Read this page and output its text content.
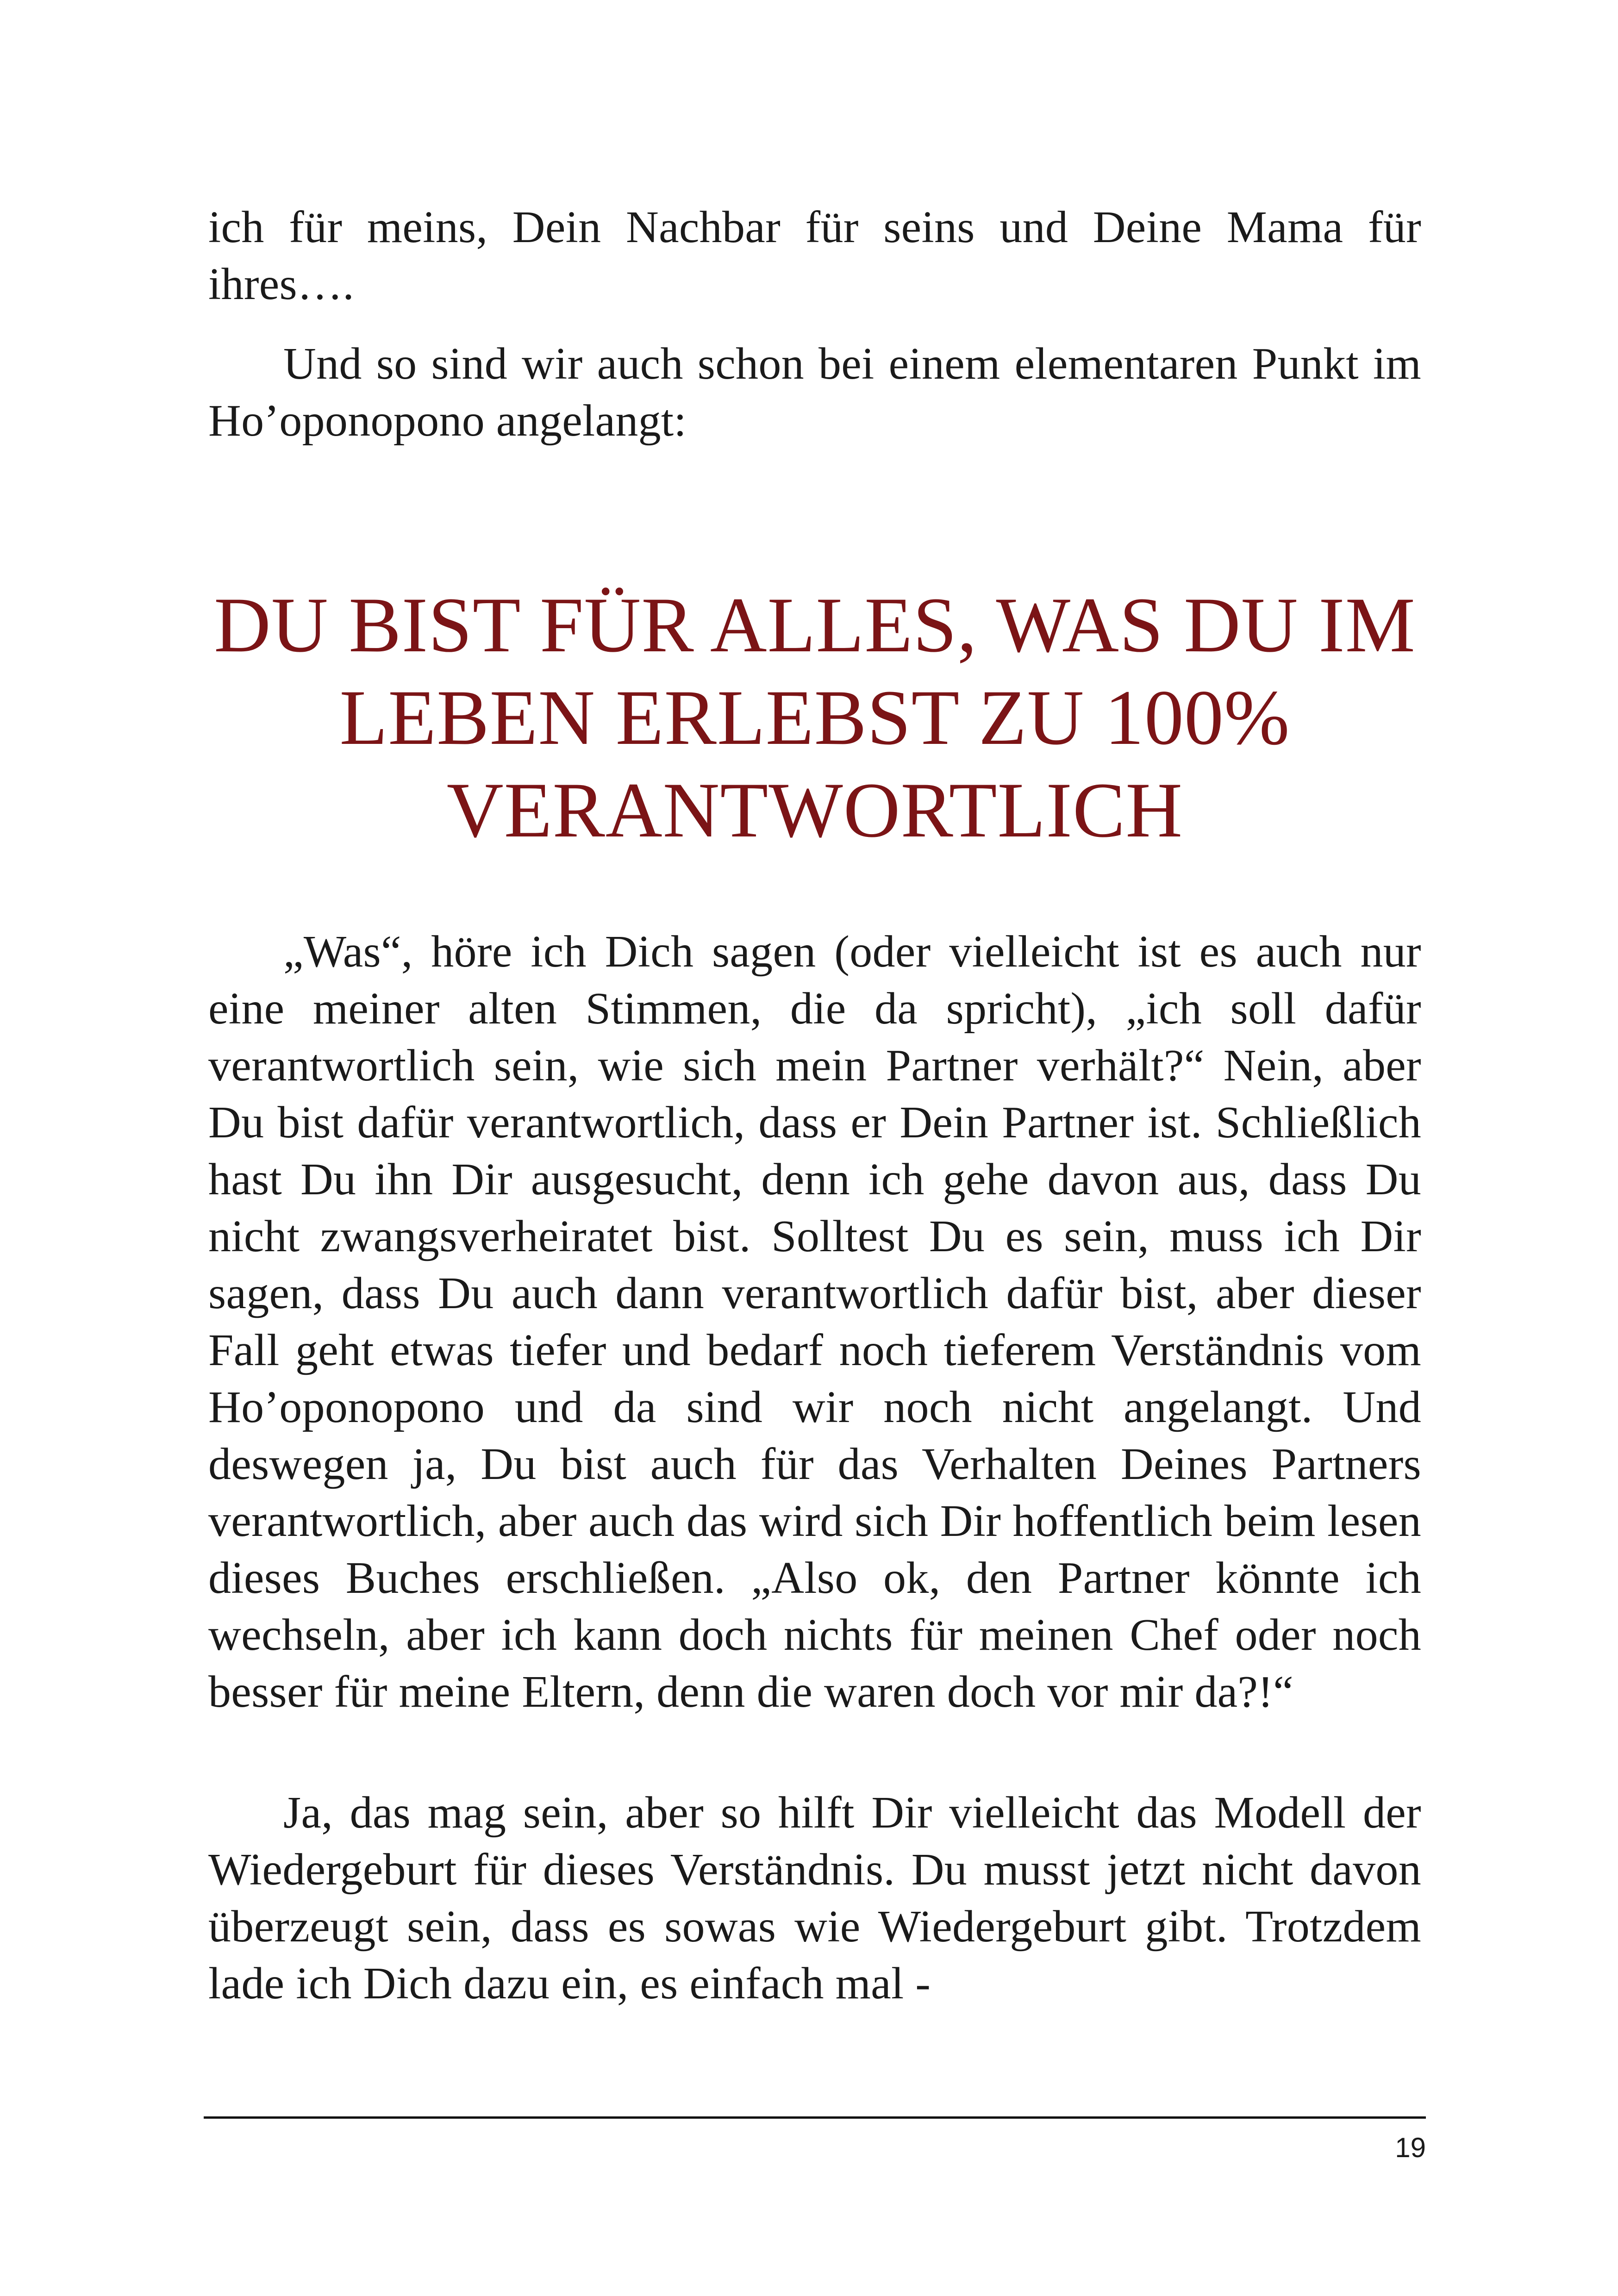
ich für meins, Dein Nachbar für seins und Deine Mama für ihres….

Und so sind wir auch schon bei einem elementaren Punkt im Ho’oponopono angelangt:

DU BIST FÜR ALLES, WAS DU IM
LEBEN ERLEBST ZU 100%
VERANTWORTLICH

„Was“, höre ich Dich sagen (oder vielleicht ist es auch nur eine meiner alten Stimmen, die da spricht), „ich soll dafür verantwortlich sein, wie sich mein Partner verhält?“ Nein, aber Du bist dafür verantwortlich, dass er Dein Partner ist. Schließlich hast Du ihn Dir ausgesucht, denn ich gehe davon aus, dass Du nicht zwangsverheiratet bist. Solltest Du es sein, muss ich Dir sagen, dass Du auch dann verantwortlich dafür bist, aber dieser Fall geht etwas tiefer und bedarf noch tieferem Verständnis vom Ho’oponopono und da sind wir noch nicht angelangt. Und deswegen ja, Du bist auch für das Verhalten Deines Partners verantwortlich, aber auch das wird sich Dir hoffentlich beim lesen dieses Buches erschließen. „Also ok, den Partner könnte ich wechseln, aber ich kann doch nichts für meinen Chef oder noch besser für meine Eltern, denn die waren doch vor mir da?!“

Ja, das mag sein, aber so hilft Dir vielleicht das Modell der Wiedergeburt für dieses Verständnis. Du musst jetzt nicht davon überzeugt sein, dass es sowas wie Wiedergeburt gibt. Trotzdem lade ich Dich dazu ein, es einfach mal -

19
